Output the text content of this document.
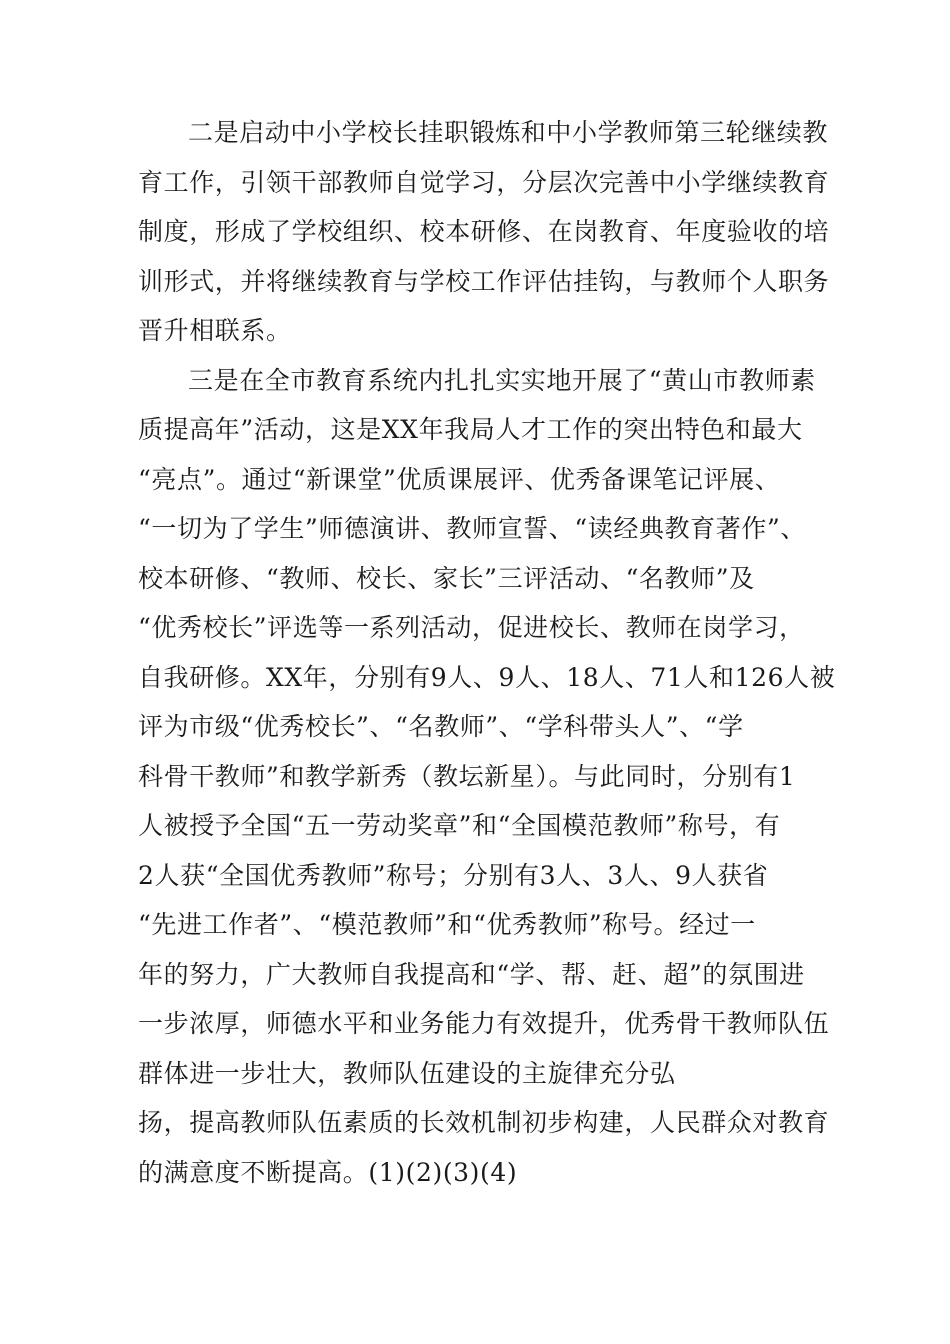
二是启动中小学校长挂职锻炼和中小学教师第三轮继续教
育工作，引领干部教师自觉学习，分层次完善中小学继续教育
制度，形成了学校组织、校本研修、在岗教育、年度验收的培
训形式，并将继续教育与学校工作评估挂钩，与教师个人职务
晋升相联系。
三是在全市教育系统内扎扎实实地开展了“黄山市教师素
质提高年”活动，这是XX年我局人才工作的突出特色和最大
“亮点”。通过“新课堂”优质课展评、优秀备课笔记评展、
“一切为了学生”师德演讲、教师宣誓、“读经典教育著作”、
校本研修、“教师、校长、家长”三评活动、“名教师”及
“优秀校长”评选等一系列活动，促进校长、教师在岗学习，
自我研修。XX年，分别有9人、9人、18人、71人和126人被
评为市级“优秀校长”、“名教师”、“学科带头人”、“学
科骨干教师”和教学新秀（教坛新星）。与此同时，分别有1
人被授予全国“五一劳动奖章”和“全国模范教师”称号，有
2人获“全国优秀教师”称号；分别有3人、3人、9人获省
“先进工作者”、“模范教师”和“优秀教师”称号。经过一
年的努力，广大教师自我提高和“学、帮、赶、超”的氛围进
一步浓厚，师德水平和业务能力有效提升，优秀骨干教师队伍
群体进一步壮大，教师队伍建设的主旋律充分弘
扬，提高教师队伍素质的长效机制初步构建，人民群众对教育
的满意度不断提高。(1)(2)(3)(4)
